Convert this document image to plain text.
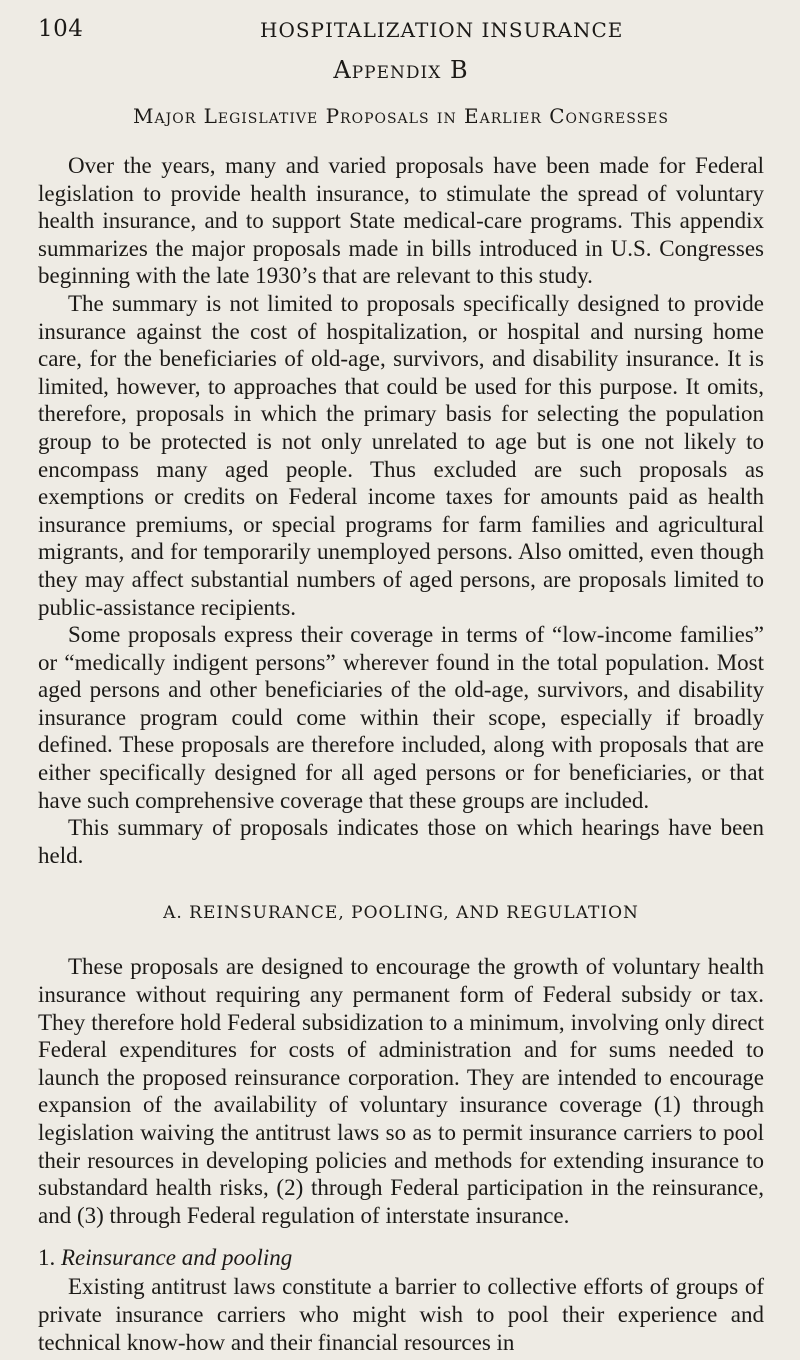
104	HOSPITALIZATION INSURANCE
Appendix B
Major Legislative Proposals in Earlier Congresses

Over the years, many and varied proposals have been made for Federal legislation to provide health insurance, to stimulate the spread of voluntary health insurance, and to support State medical-care programs. This appendix summarizes the major proposals made in bills introduced in U.S. Congresses beginning with the late 1930’s that are relevant to this study.

The summary is not limited to proposals specifically designed to provide insurance against the cost of hospitalization, or hospital and nursing home care, for the beneficiaries of old-age, survivors, and disability insurance. It is limited, however, to approaches that could be used for this purpose. It omits, therefore, proposals in which the primary basis for selecting the population group to be protected is not only unrelated to age but is one not likely to encompass many aged people. Thus excluded are such proposals as exemptions or credits on Federal income taxes for amounts paid as health insurance premiums, or special programs for farm families and agricultural migrants, and for temporarily unemployed persons. Also omitted, even though they may affect substantial numbers of aged persons, are proposals limited to public-assistance recipients.

Some proposals express their coverage in terms of “low-income families” or “medically indigent persons” wherever found in the total population. Most aged persons and other beneficiaries of the old-age, survivors, and disability insurance program could come within their scope, especially if broadly defined. These proposals are therefore included, along with proposals that are either specifically designed for all aged persons or for beneficiaries, or that have such comprehensive coverage that these groups are included.

This summary of proposals indicates those on which hearings have been held.

A. REINSURANCE, POOLING, AND REGULATION

These proposals are designed to encourage the growth of voluntary health insurance without requiring any permanent form of Federal subsidy or tax. They therefore hold Federal subsidization to a minimum, involving only direct Federal expenditures for costs of administration and for sums needed to launch the proposed reinsurance corporation. They are intended to encourage expansion of the availability of voluntary insurance coverage (1) through legislation waiving the antitrust laws so as to permit insurance carriers to pool their resources in developing policies and methods for extending insurance to substandard health risks, (2) through Federal participation in the reinsurance, and (3) through Federal regulation of interstate insurance.

1. Reinsurance and pooling

Existing antitrust laws constitute a barrier to collective efforts of groups of private insurance carriers who might wish to pool their experience and technical know-how and their financial resources in
